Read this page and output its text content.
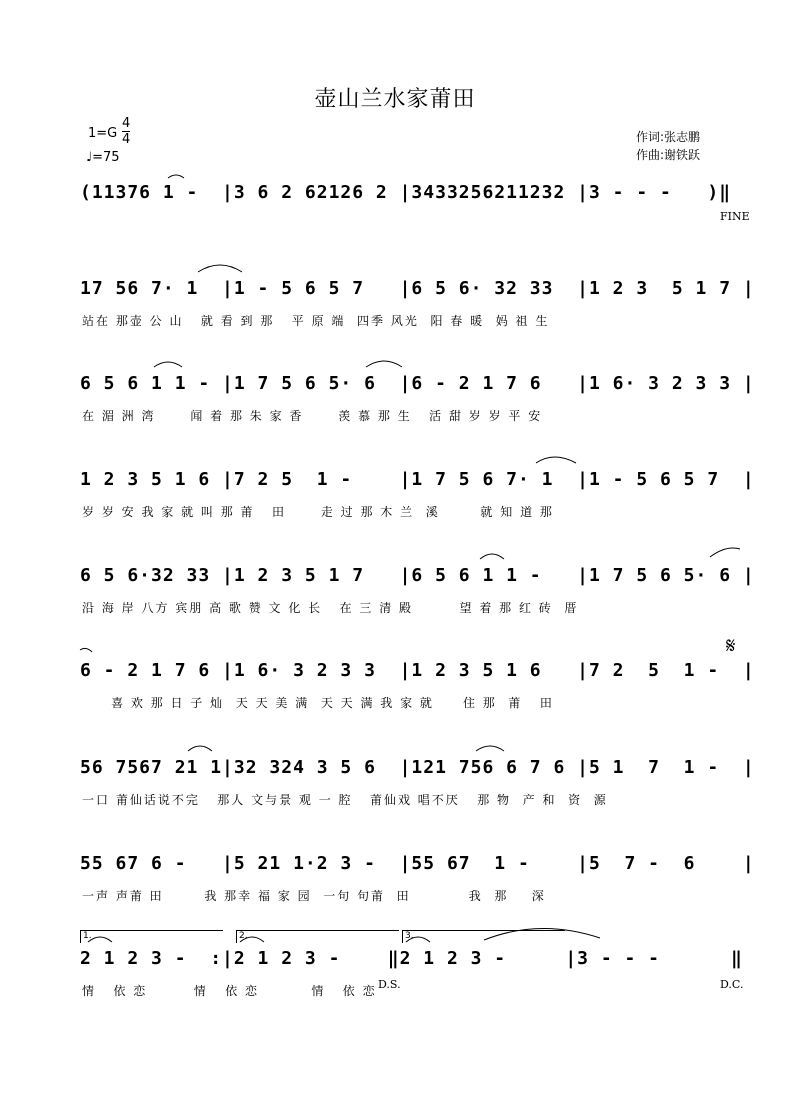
壶山兰水家莆田
1=G
4
4
♩=75
作词:张志鹏
作曲:谢铁跃
(11376 1 -  |3 6 2 62126 2 |3433256211232 |3 - - -   )‖
FINE
17 56 7· 1  |1 - 5 6 5 7   |6 5 6· 32 33  |1 2 3  5 1 7 |
站在 那壶 公 山   就 看 到 那   平 原 端  四季 风光  阳 春 暖  妈 祖 生
6 5 6 1 1 - |1 7 5 6 5· 6  |6 - 2 1 7 6   |1 6· 3 2 3 3 |
在 湄 洲 湾      闻 着 那 朱 家 香      羡 慕 那 生   活 甜 岁 岁 平 安
1 2 3 5 1 6 |7 2 5  1 -    |1 7 5 6 7· 1  |1 - 5 6 5 7  |
岁 岁 安 我 家 就 叫 那 莆   田      走 过 那 木 兰  溪       就 知 道 那
6 5 6·32 33 |1 2 3 5 1 7   |6 5 6 1 1 -   |1 7 5 6 5· 6 |
沿 海 岸 八方 宾朋 高 歌 赞 文 化 长   在 三 清 殿        望 着 那 红 砖  厝
6 - 2 1 7 6 |1 6· 3 2 3 3  |1 2 3 5 1 6   |7 2  5  1 -  |
喜 欢 那 日 子 灿  天 天 美 满  天 天 满 我 家 就     住 那  莆   田
𝄋
56 7567 21 1|32 324 3 5 6  |121 756 6 7 6 |5 1  7  1 -  |
一口 莆仙话说不完   那人 文与景 观 一 腔   莆仙戏 唱不厌   那 物  产 和  资  源
55 67 6 -   |5 21 1·2 3 -  |55 67  1 -    |5  7 -  6    |
一声 声莆 田       我 那幸 福 家 园  一句 句莆  田          我  那    深
1.	2.	3.
2 1 2 3 -  :|2 1 2 3 -    ‖2 1 2 3 -     |3 - - -      ‖
情   依 恋        情   依 恋         情   依 恋 D.S.	D.C.
